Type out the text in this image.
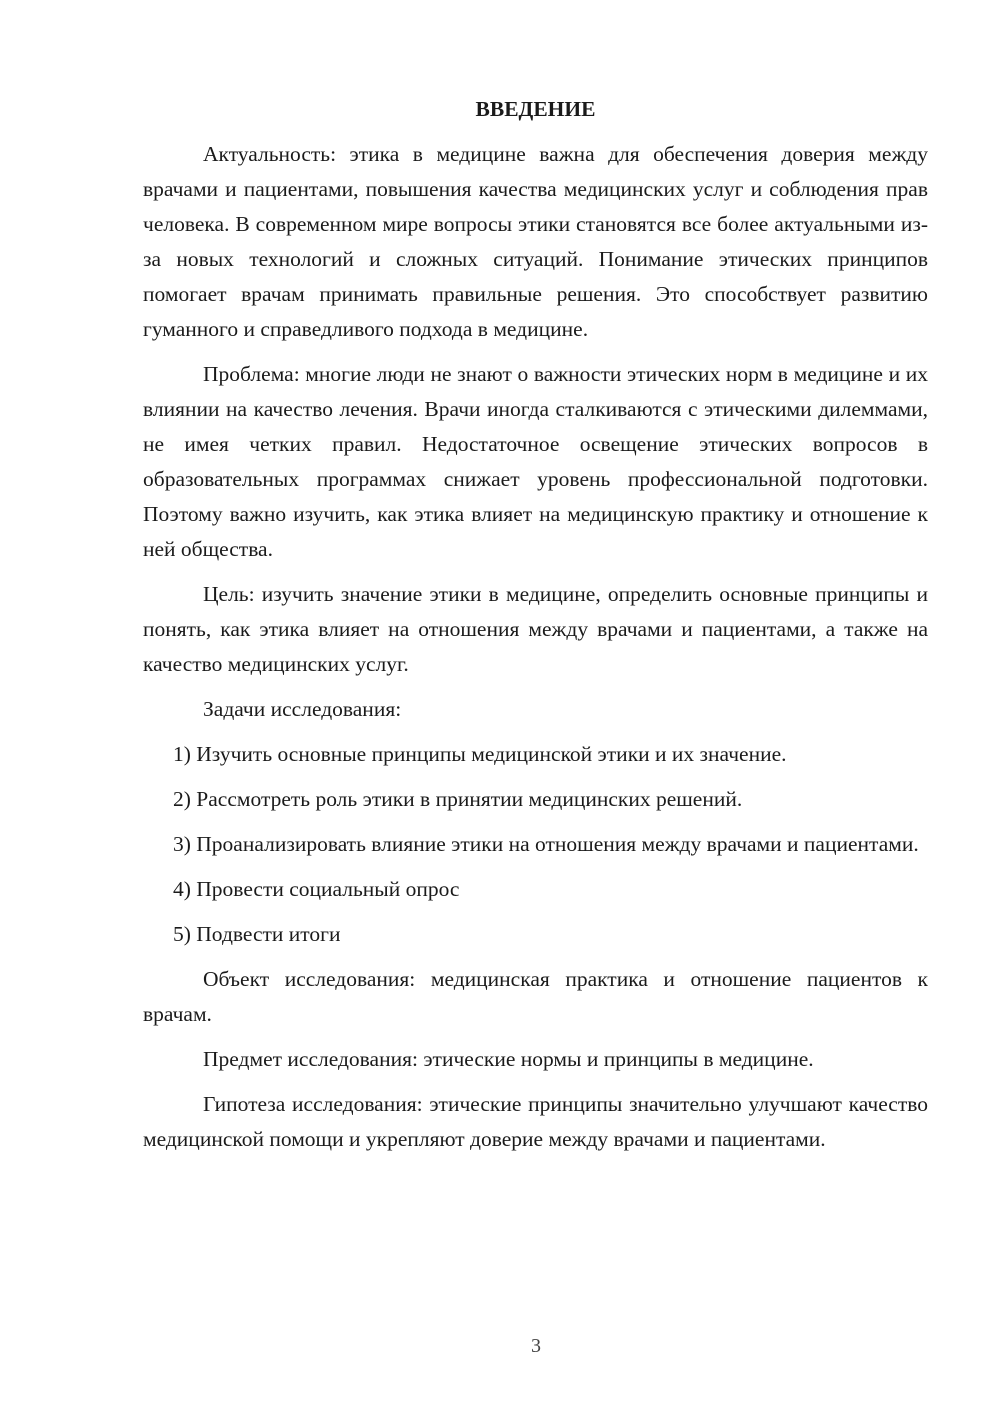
ВВЕДЕНИЕ

Актуальность: этика в медицине важна для обеспечения доверия между врачами и пациентами, повышения качества медицинских услуг и соблюдения прав человека. В современном мире вопросы этики становятся все более актуальными из-за новых технологий и сложных ситуаций. Понимание этических принципов помогает врачам принимать правильные решения. Это способствует развитию гуманного и справедливого подхода в медицине.

Проблема: многие люди не знают о важности этических норм в медицине и их влиянии на качество лечения. Врачи иногда сталкиваются с этическими дилеммами, не имея четких правил. Недостаточное освещение этических вопросов в образовательных программах снижает уровень профессиональной подготовки. Поэтому важно изучить, как этика влияет на медицинскую практику и отношение к ней общества.

Цель: изучить значение этики в медицине, определить основные принципы и понять, как этика влияет на отношения между врачами и пациентами, а также на качество медицинских услуг.

Задачи исследования:

1) Изучить основные принципы медицинской этики и их значение.

2) Рассмотреть роль этики в принятии медицинских решений.

3) Проанализировать влияние этики на отношения между врачами и пациентами.

4) Провести социальный опрос

5) Подвести итоги

Объект исследования: медицинская практика и отношение пациентов к врачам.

Предмет исследования: этические нормы и принципы в медицине.

Гипотеза исследования: этические принципы значительно улучшают качество медицинской помощи и укрепляют доверие между врачами и пациентами.

3
